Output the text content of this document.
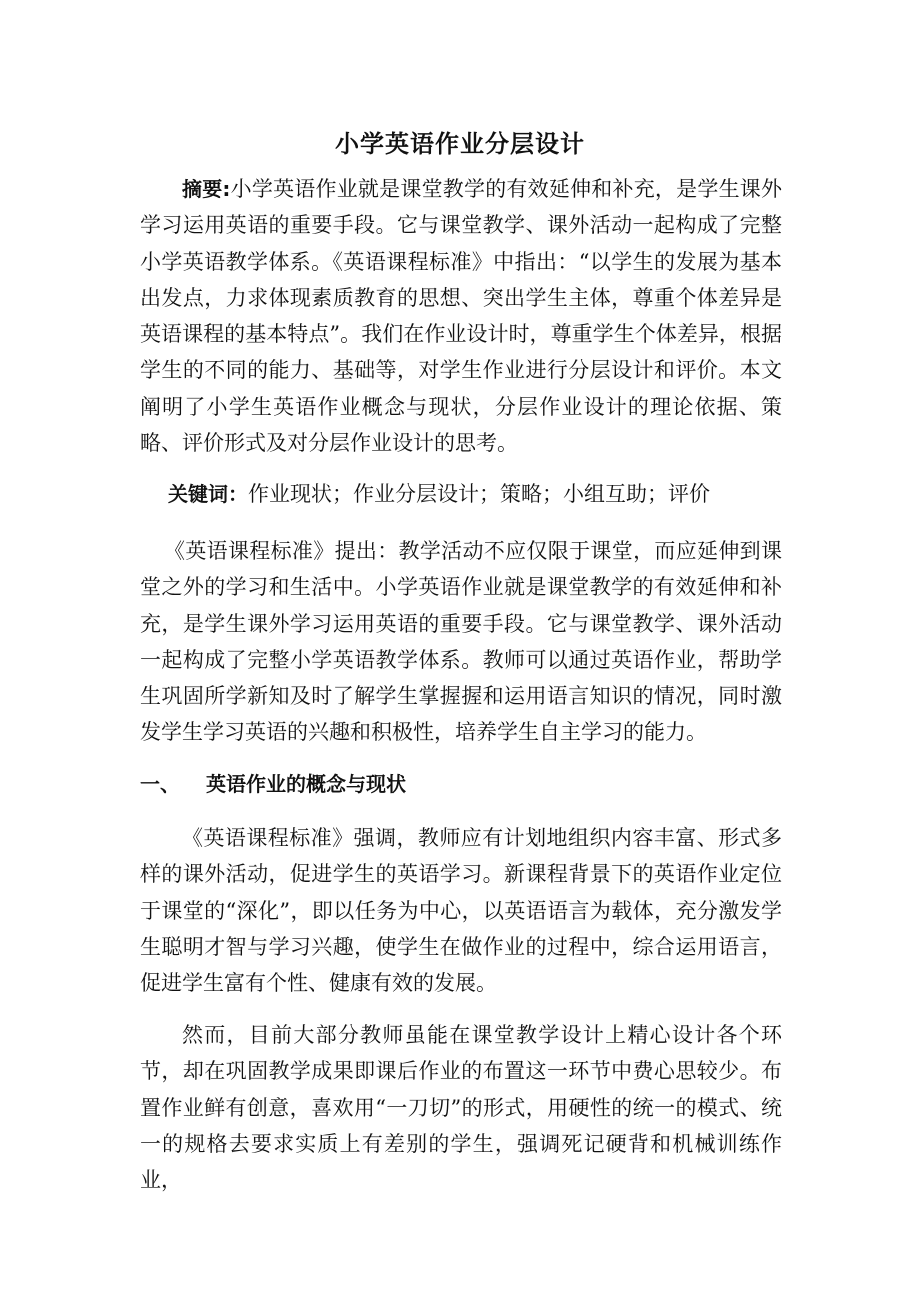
小学英语作业分层设计

摘要:小学英语作业就是课堂教学的有效延伸和补充，是学生课外学习运用英语的重要手段。它与课堂教学、课外活动一起构成了完整小学英语教学体系。《英语课程标准》中指出：“以学生的发展为基本出发点，力求体现素质教育的思想、突出学生主体，尊重个体差异是英语课程的基本特点”。我们在作业设计时，尊重学生个体差异，根据学生的不同的能力、基础等，对学生作业进行分层设计和评价。本文阐明了小学生英语作业概念与现状，分层作业设计的理论依据、策略、评价形式及对分层作业设计的思考。

关键词：作业现状；作业分层设计；策略；小组互助；评价

《英语课程标准》提出：教学活动不应仅限于课堂，而应延伸到课堂之外的学习和生活中。小学英语作业就是课堂教学的有效延伸和补充，是学生课外学习运用英语的重要手段。它与课堂教学、课外活动一起构成了完整小学英语教学体系。教师可以通过英语作业，帮助学生巩固所学新知及时了解学生掌握握和运用语言知识的情况，同时激发学生学习英语的兴趣和积极性，培养学生自主学习的能力。

一、 英语作业的概念与现状

《英语课程标准》强调，教师应有计划地组织内容丰富、形式多样的课外活动，促进学生的英语学习。新课程背景下的英语作业定位于课堂的“深化”，即以任务为中心，以英语语言为载体，充分激发学生聪明才智与学习兴趣，使学生在做作业的过程中，综合运用语言，促进学生富有个性、健康有效的发展。

然而，目前大部分教师虽能在课堂教学设计上精心设计各个环节，却在巩固教学成果即课后作业的布置这一环节中费心思较少。布置作业鲜有创意，喜欢用“一刀切”的形式，用硬性的统一的模式、统一的规格去要求实质上有差别的学生，强调死记硬背和机械训练作业，
